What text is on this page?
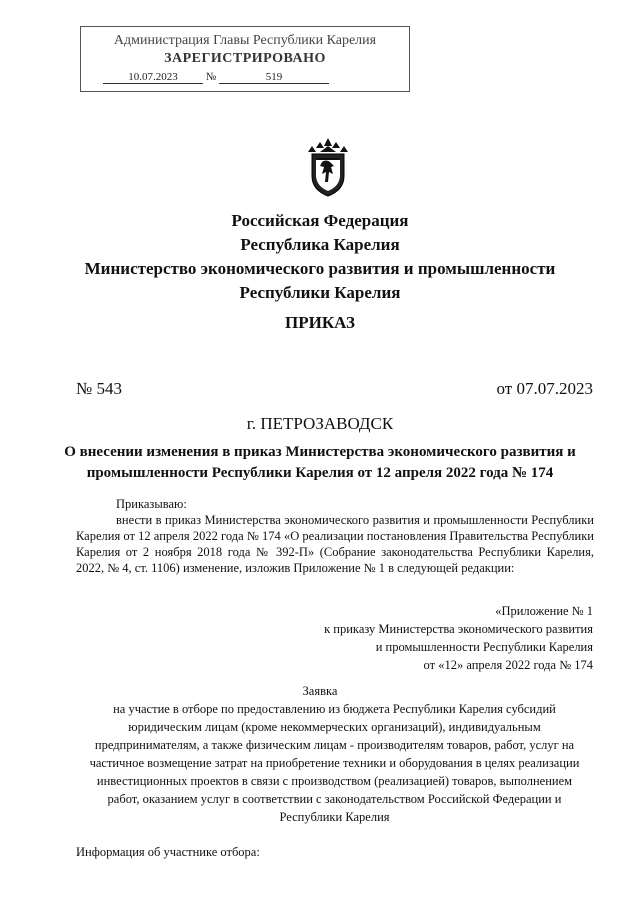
Администрация Главы Республики Карелия
ЗАРЕГИСТРИРОВАНО
10.07.2023	№	519
Российская Федерация
Республика Карелия
Министерство экономического развития и промышленности
Республики Карелия
ПРИКАЗ
№ 543	от 07.07.2023
г. ПЕТРОЗАВОДСК
О внесении изменения в приказ Министерства экономического развития и
промышленности Республики Карелия от 12 апреля 2022 года № 174
Приказываю:
внести в приказ Министерства экономического развития и промышленности Республики Карелия от 12 апреля 2022 года № 174 «О реализации постановления Правительства Республики Карелия от 2 ноября 2018 года № 392-П» (Собрание законодательства Республики Карелия, 2022, № 4, ст. 1106) изменение, изложив Приложение № 1 в следующей редакции:
«Приложение № 1
к приказу Министерства экономического развития
и промышленности Республики Карелия
от «12» апреля 2022 года № 174
Заявка
на участие в отборе по предоставлению из бюджета Республики Карелия субсидий
юридическим лицам (кроме некоммерческих организаций), индивидуальным
предпринимателям, а также физическим лицам - производителям товаров, работ, услуг на
частичное возмещение затрат на приобретение техники и оборудования в целях реализации
инвестиционных проектов в связи с производством (реализацией) товаров, выполнением
работ, оказанием услуг в соответствии с законодательством Российской Федерации и
Республики Карелия
Информация об участнике отбора:
